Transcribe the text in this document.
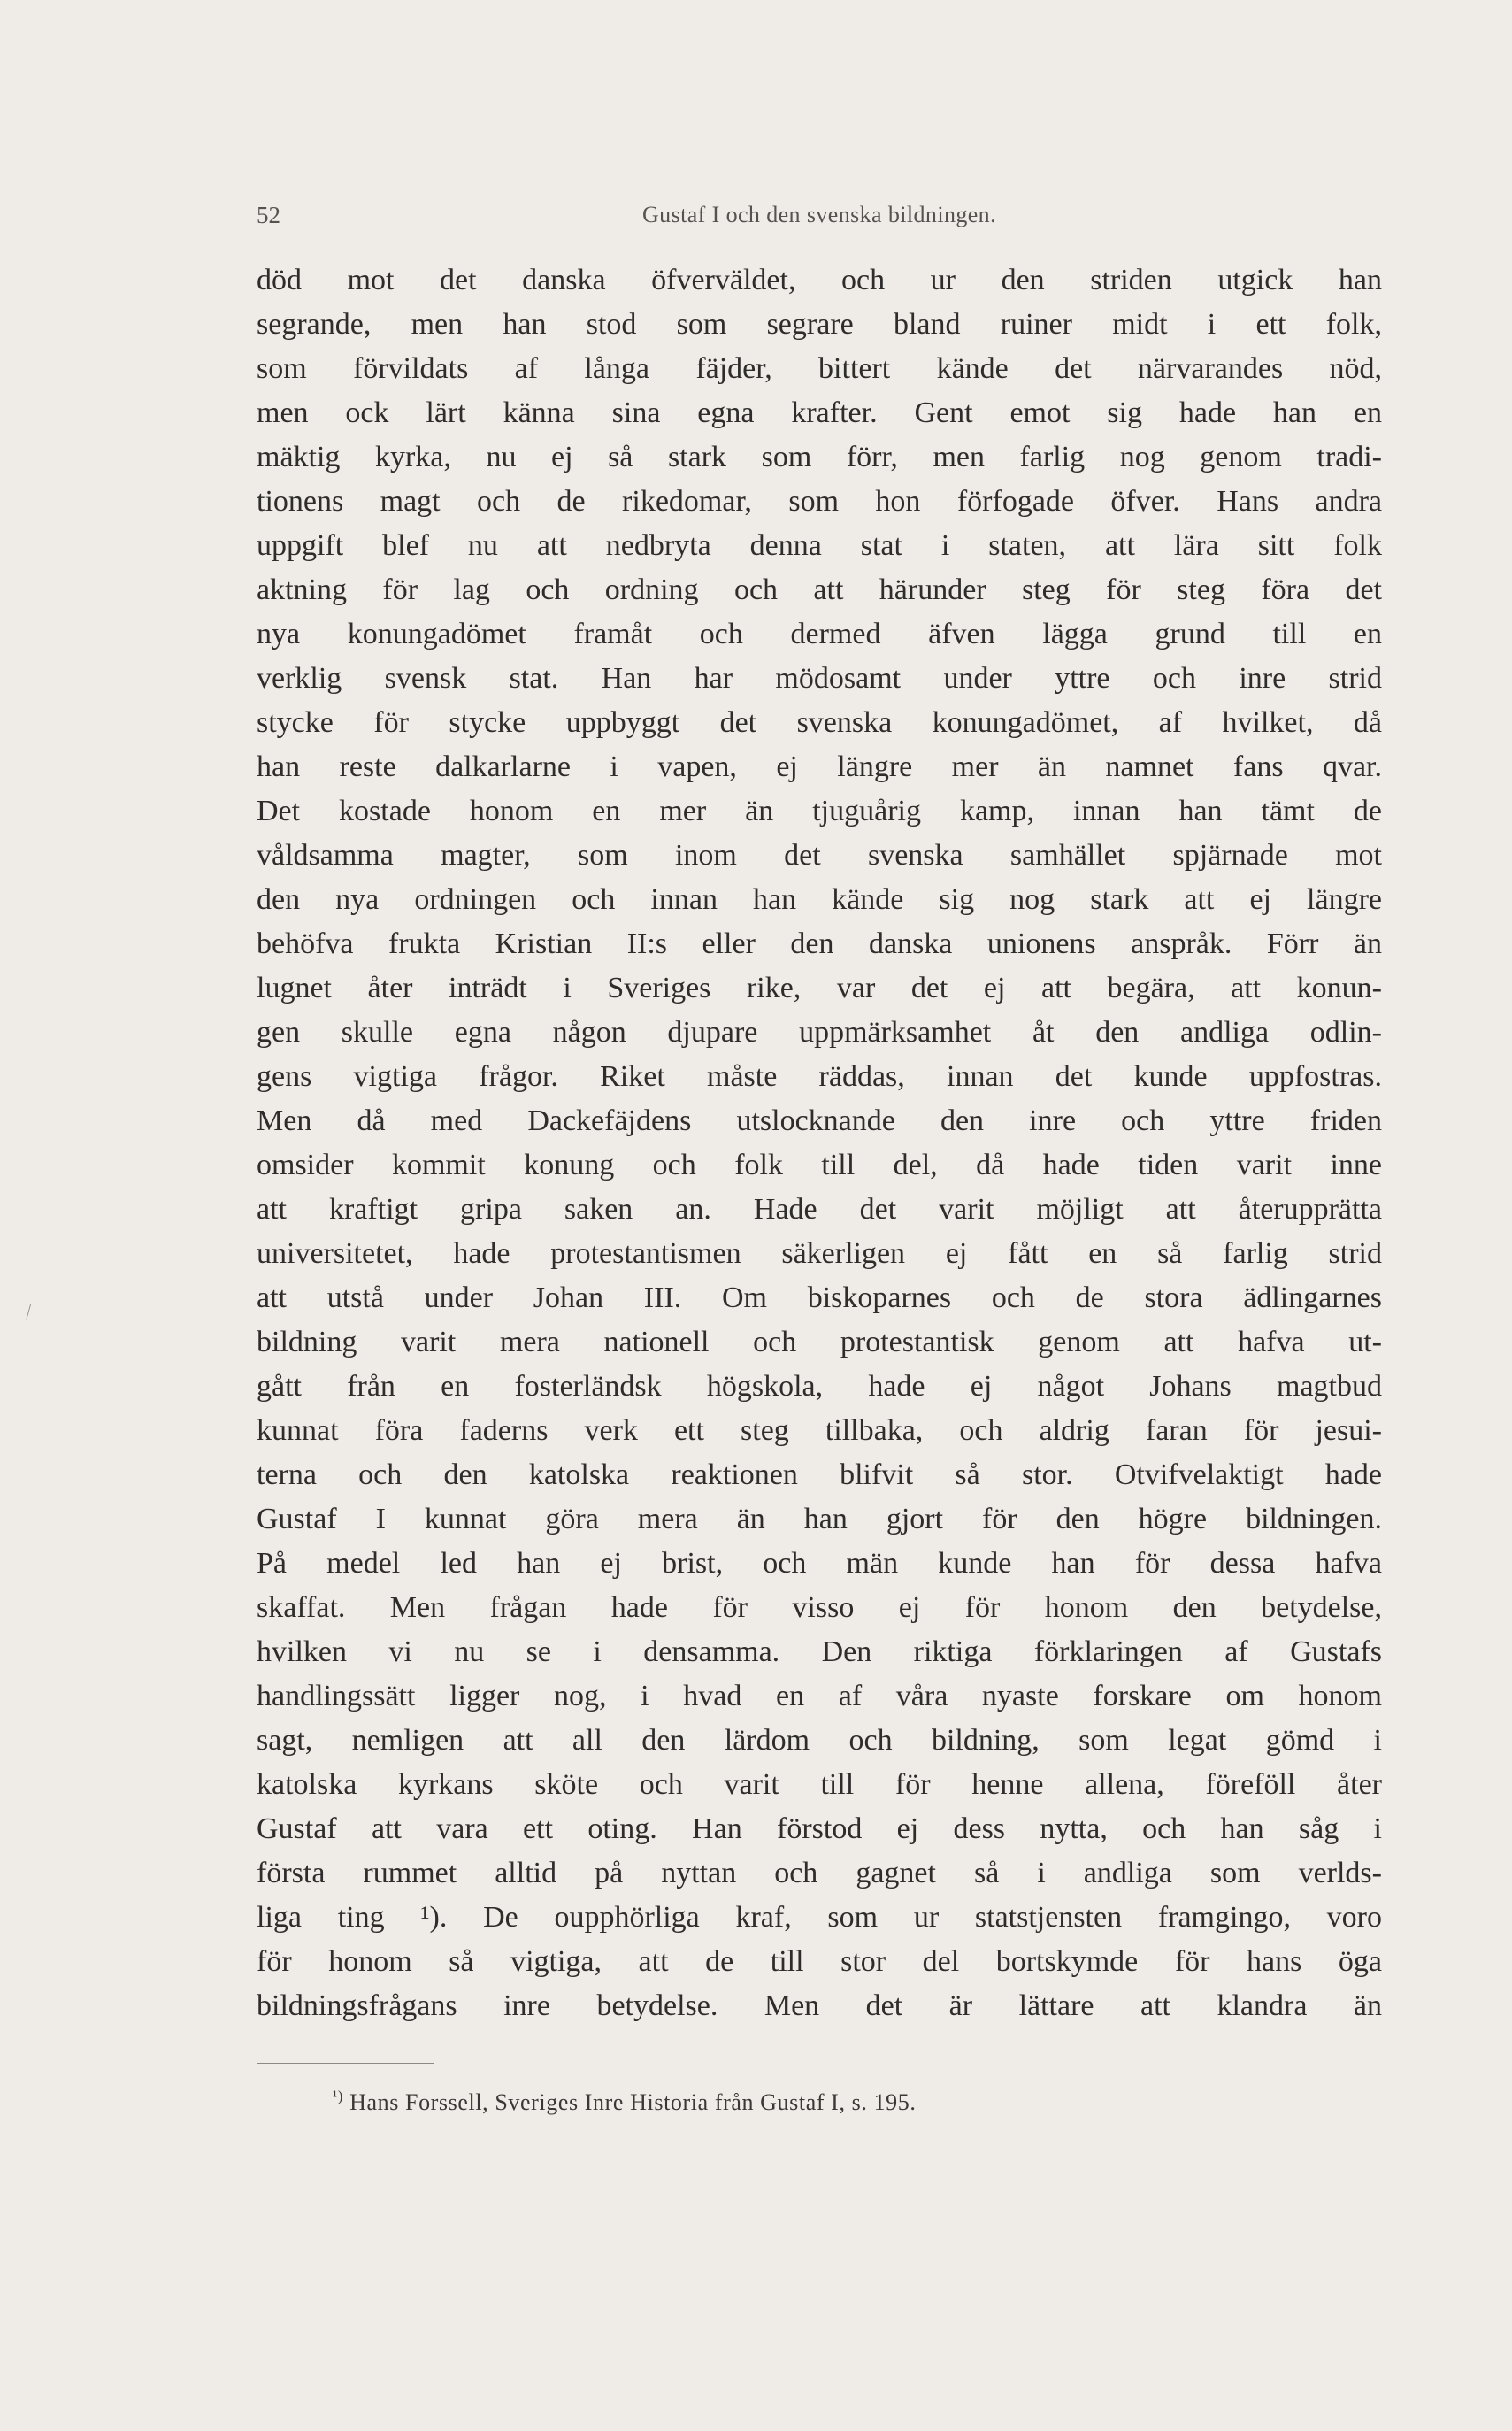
52	Gustaf I och den svenska bildningen.
död mot det danska öfverväldet, och ur den striden utgick han
segrande, men han stod som segrare bland ruiner midt i ett folk,
som förvildats af långa fäjder, bittert kände det närvarandes nöd,
men ock lärt känna sina egna krafter. Gent emot sig hade han en
mäktig kyrka, nu ej så stark som förr, men farlig nog genom tradi-
tionens magt och de rikedomar, som hon förfogade öfver. Hans andra
uppgift blef nu att nedbryta denna stat i staten, att lära sitt folk
aktning för lag och ordning och att härunder steg för steg föra det
nya konungadömet framåt och dermed äfven lägga grund till en
verklig svensk stat. Han har mödosamt under yttre och inre strid
stycke för stycke uppbyggt det svenska konungadömet, af hvilket, då
han reste dalkarlarne i vapen, ej längre mer än namnet fans qvar.
Det kostade honom en mer än tjuguårig kamp, innan han tämt de
våldsamma magter, som inom det svenska samhället spjärnade mot
den nya ordningen och innan han kände sig nog stark att ej längre
behöfva frukta Kristian II:s eller den danska unionens anspråk. Förr än
lugnet åter inträdt i Sveriges rike, var det ej att begära, att konun-
gen skulle egna någon djupare uppmärksamhet åt den andliga odlin-
gens vigtiga frågor. Riket måste räddas, innan det kunde uppfostras.
Men då med Dackefäjdens utslocknande den inre och yttre friden
omsider kommit konung och folk till del, då hade tiden varit inne
att kraftigt gripa saken an. Hade det varit möjligt att återupprätta
universitetet, hade protestantismen säkerligen ej fått en så farlig strid
att utstå under Johan III. Om biskoparnes och de stora ädlingarnes
bildning varit mera nationell och protestantisk genom att hafva ut-
gått från en fosterländsk högskola, hade ej något Johans magtbud
kunnat föra faderns verk ett steg tillbaka, och aldrig faran för jesui-
terna och den katolska reaktionen blifvit så stor. Otvifvelaktigt hade
Gustaf I kunnat göra mera än han gjort för den högre bildningen.
På medel led han ej brist, och män kunde han för dessa hafva
skaffat. Men frågan hade för visso ej för honom den betydelse,
hvilken vi nu se i densamma. Den riktiga förklaringen af Gustafs
handlingssätt ligger nog, i hvad en af våra nyaste forskare om honom
sagt, nemligen att all den lärdom och bildning, som legat gömd i
katolska kyrkans sköte och varit till för henne allena, föreföll åter
Gustaf att vara ett oting. Han förstod ej dess nytta, och han såg i
första rummet alltid på nyttan och gagnet så i andliga som verlds-
liga ting ¹). De oupphörliga kraf, som ur statstjensten framgingo, voro
för honom så vigtiga, att de till stor del bortskymde för hans öga
bildningsfrågans inre betydelse. Men det är lättare att klandra än
$^{^1)}$ Hans Forssell, Sveriges Inre Historia från Gustaf I, s. 195.
⁄
